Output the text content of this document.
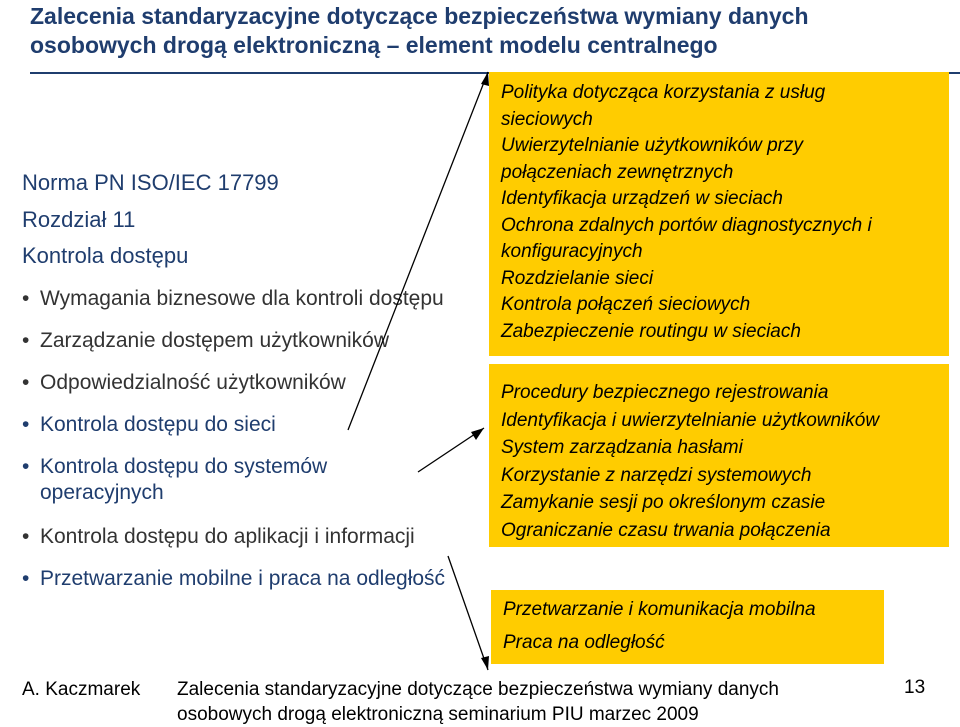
Zalecenia standaryzacyjne dotyczące bezpieczeństwa wymiany danych
osobowych drogą elektroniczną – element modelu centralnego
Norma PN ISO/IEC 17799
Rozdział 11
Kontrola dostępu
• Wymagania biznesowe dla kontroli dostępu
• Zarządzanie dostępem użytkowników
• Odpowiedzialność użytkowników
• Kontrola dostępu do sieci
• Kontrola dostępu do systemów
operacyjnych
• Kontrola dostępu do aplikacji i informacji
• Przetwarzanie mobilne i praca na odległość
Polityka dotycząca korzystania z usług
sieciowych
Uwierzytelnianie użytkowników przy
połączeniach zewnętrznych
Identyfikacja urządzeń w sieciach
Ochrona zdalnych portów diagnostycznych i
konfiguracyjnych
Rozdzielanie sieci
Kontrola połączeń sieciowych
Zabezpieczenie routingu w sieciach
Procedury bezpiecznego rejestrowania
Identyfikacja i uwierzytelnianie użytkowników
System zarządzania hasłami
Korzystanie z narzędzi systemowych
Zamykanie sesji po określonym czasie
Ograniczanie czasu trwania połączenia
Przetwarzanie i komunikacja mobilna
Praca na odległość
A. Kaczmarek Zalecenia standaryzacyjne dotyczące bezpieczeństwa wymiany danych
osobowych drogą elektroniczną seminarium PIU marzec 2009
13
